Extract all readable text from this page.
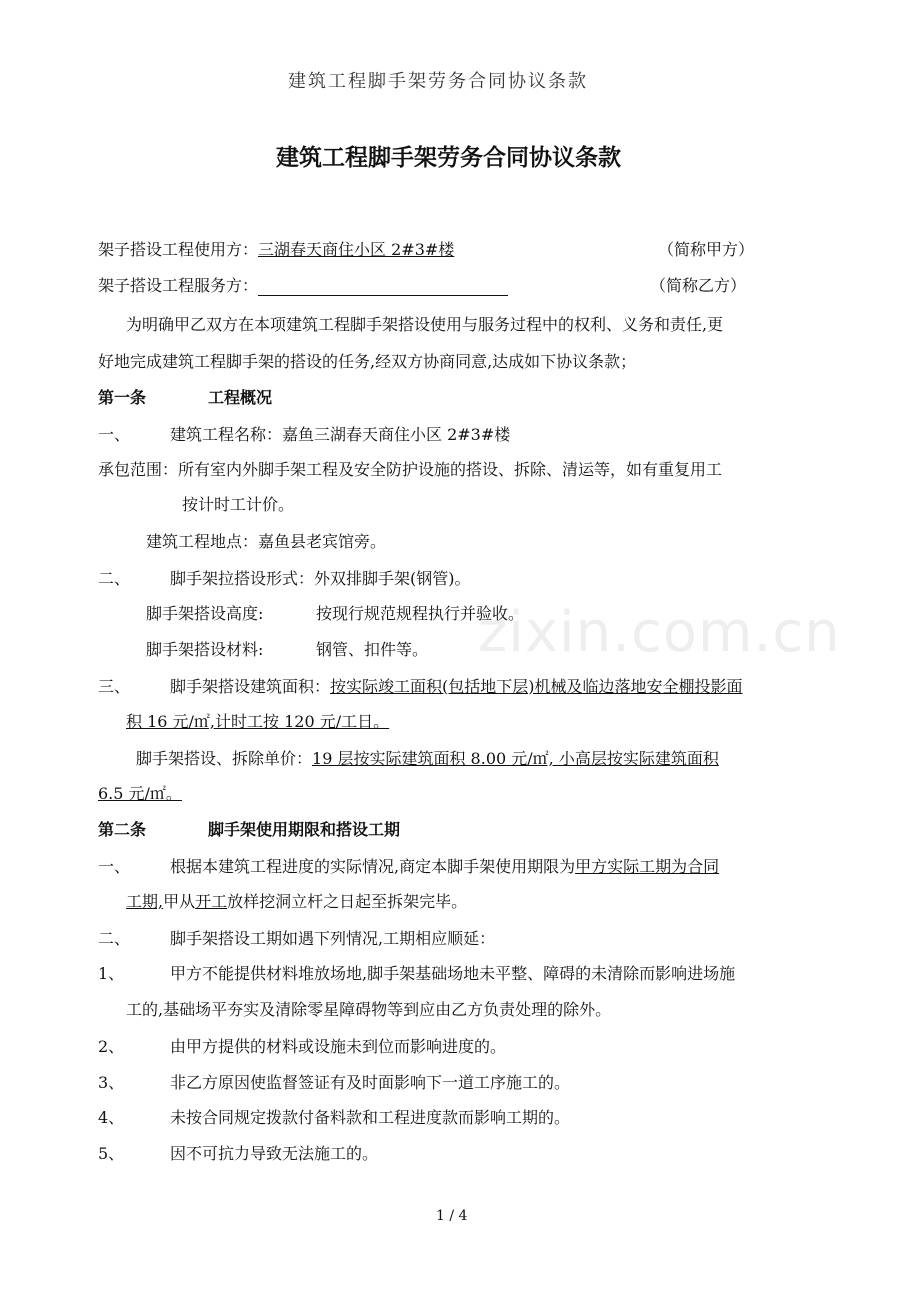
建筑工程脚手架劳务合同协议条款
建筑工程脚手架劳务合同协议条款
架子搭设工程使用方：三湖春天商住小区 2#3#楼	（简称甲方）
架子搭设工程服务方：	（简称乙方）
为明确甲乙双方在本项建筑工程脚手架搭设使用与服务过程中的权利、义务和责任,更
好地完成建筑工程脚手架的搭设的任务,经双方协商同意,达成如下协议条款；
第一条	工程概况
一、 建筑工程名称：嘉鱼三湖春天商住小区 2#3#楼
承包范围：所有室内外脚手架工程及安全防护设施的搭设、拆除、清运等，如有重复用工
按计时工计价。
建筑工程地点：嘉鱼县老宾馆旁。
二、 脚手架拉搭设形式：外双排脚手架(钢管)。
脚手架搭设高度:	按现行规范规程执行并验收。
脚手架搭设材料:	钢管、扣件等。
三、 脚手架搭设建筑面积：按实际竣工面积(包括地下层)机械及临边落地安全棚投影面
积 16 元/㎡,计时工按 120 元/工日。
脚手架搭设、拆除单价：19 层按实际建筑面积 8.00 元/㎡, 小高层按实际建筑面积
6.5 元/㎡。
第二条	脚手架使用期限和搭设工期
一、 根据本建筑工程进度的实际情况,商定本脚手架使用期限为甲方实际工期为合同
工期,甲从开工放样挖洞立杆之日起至拆架完毕。
二、 脚手架搭设工期如遇下列情况,工期相应顺延：
1、	甲方不能提供材料堆放场地,脚手架基础场地未平整、障碍的未清除而影响进场施
工的,基础场平夯实及清除零星障碍物等到应由乙方负责处理的除外。
2、	由甲方提供的材料或设施未到位而影响进度的。
3、	非乙方原因使监督签证有及时面影响下一道工序施工的。
4、	未按合同规定拨款付备料款和工程进度款而影响工期的。
5、	因不可抗力导致无法施工的。
zixin.com.cn
1 / 4
